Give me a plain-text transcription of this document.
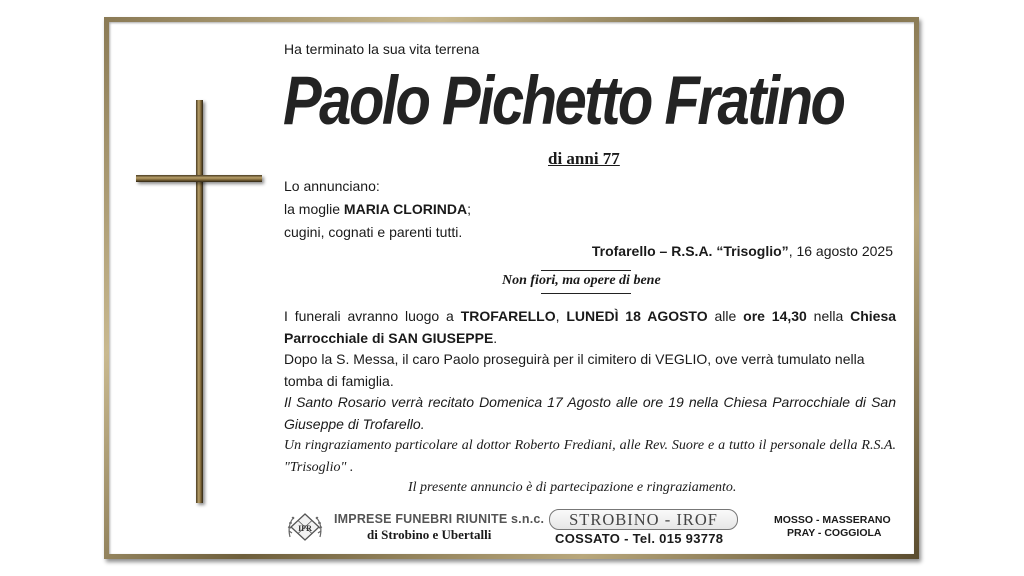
Ha terminato la sua vita terrena
Paolo Pichetto Fratino
di anni 77
Lo annunciano:
la moglie MARIA CLORINDA;
cugini, cognati e parenti tutti.
Trofarello – R.S.A. “Trisoglio”, 16 agosto 2025
Non fiori, ma opere di bene
I funerali avranno luogo a TROFARELLO, LUNEDÌ 18 AGOSTO alle ore 14,30 nella Chiesa Parrocchiale di SAN GIUSEPPE.
Dopo la S. Messa, il caro Paolo proseguirà per il cimitero di VEGLIO, ove verrà tumulato nella tomba di famiglia.
Il Santo Rosario verrà recitato Domenica 17 Agosto alle ore 19 nella Chiesa Parrocchiale di San Giuseppe di Trofarello.
Un ringraziamento particolare al dottor Roberto Frediani, alle Rev. Suore e a tutto il personale della R.S.A. "Trisoglio" .
Il presente annuncio è di partecipazione e ringraziamento.
IFR
IMPRESE FUNEBRI RIUNITE s.n.c.
di Strobino e Ubertalli
STROBINO - IROF
COSSATO - Tel. 015 93778
MOSSO - MASSERANO
PRAY - COGGIOLA
